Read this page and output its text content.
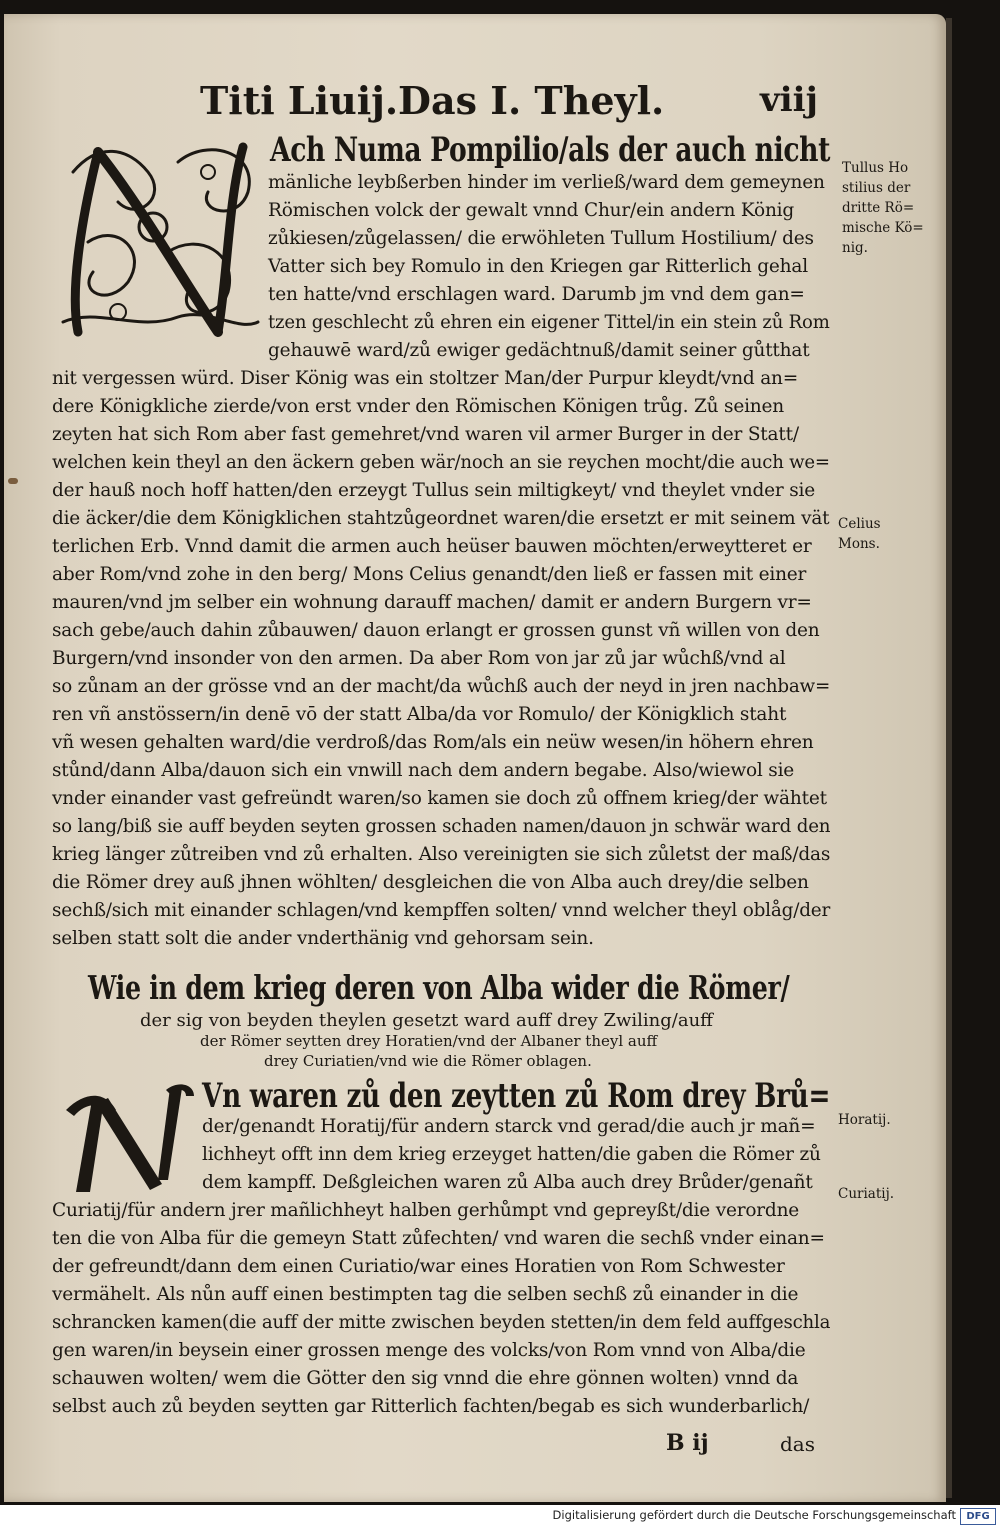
Titi Liuij. Das I. Theyl.	viij
Ach Numa Pompilio/als der auch nicht
mänliche leybßerben hinder im verließ/ward dem gemeynen
Römischen volck der gewalt vnnd Chur/ein andern König
zůkiesen/zůgelassen/ die erwöhleten Tullum Hostilium/ des
Vatter sich bey Romulo in den Kriegen gar Ritterlich gehal
ten hatte/vnd erschlagen ward. Darumb jm vnd dem gan=
tzen geschlecht zů ehren ein eigener Tittel/in ein stein zů Rom
gehauwē ward/zů ewiger gedächtnuß/damit seiner gůtthat
nit vergessen würd. Diser König was ein stoltzer Man/der Purpur kleydt/vnd an=
dere Königkliche zierde/von erst vnder den Römischen Königen trůg. Zů seinen
zeyten hat sich Rom aber fast gemehret/vnd waren vil armer Burger in der Statt/
welchen kein theyl an den äckern geben wär/noch an sie reychen mocht/die auch we=
der hauß noch hoff hatten/den erzeygt Tullus sein miltigkeyt/ vnd theylet vnder sie
die äcker/die dem Königklichen stahtzůgeordnet waren/die ersetzt er mit seinem vät
terlichen Erb. Vnnd damit die armen auch heüser bauwen möchten/erweytteret er
aber Rom/vnd zohe in den berg/ Mons Celius genandt/den ließ er fassen mit einer
mauren/vnd jm selber ein wohnung darauff machen/ damit er andern Burgern vr=
sach gebe/auch dahin zůbauwen/ dauon erlangt er grossen gunst vñ willen von den
Burgern/vnd insonder von den armen. Da aber Rom von jar zů jar wůchß/vnd al
so zůnam an der grösse vnd an der macht/da wůchß auch der neyd in jren nachbaw=
ren vñ anstössern/in denē vō der statt Alba/da vor Romulo/ der Königklich staht
vñ wesen gehalten ward/die verdroß/das Rom/als ein neüw wesen/in höhern ehren
stůnd/dann Alba/dauon sich ein vnwill nach dem andern begabe. Also/wiewol sie
vnder einander vast gefreündt waren/so kamen sie doch zů offnem krieg/der wähtet
so lang/biß sie auff beyden seyten grossen schaden namen/dauon jn schwär ward den
krieg länger zůtreiben vnd zů erhalten. Also vereinigten sie sich zůletst der maß/das
die Römer drey auß jhnen wöhlten/ desgleichen die von Alba auch drey/die selben
sechß/sich mit einander schlagen/vnd kempffen solten/ vnnd welcher theyl oblåg/der
selben statt solt die ander vnderthänig vnd gehorsam sein.
Tullus Ho
stilius der
dritte Rö=
mische Kö=
nig.
Celius
Mons.
Horatij.
Curiatij.
Wie in dem krieg deren von Alba wider die Römer/
der sig von beyden theylen gesetzt ward auff drey Zwiling/auff
der Römer seytten drey Horatien/vnd der Albaner theyl auff
drey Curiatien/vnd wie die Römer oblagen.
Vn waren zů den zeytten zů Rom drey Brů=
der/genandt Horatij/für andern starck vnd gerad/die auch jr mañ=
lichheyt offt inn dem krieg erzeyget hatten/die gaben die Römer zů
dem kampff. Deßgleichen waren zů Alba auch drey Brůder/genañt
Curiatij/für andern jrer mañlichheyt halben gerhůmpt vnd gepreyßt/die verordne
ten die von Alba für die gemeyn Statt zůfechten/ vnd waren die sechß vnder einan=
der gefreundt/dann dem einen Curiatio/war eines Horatien von Rom Schwester
vermähelt. Als nůn auff einen bestimpten tag die selben sechß zů einander in die
schrancken kamen(die auff der mitte zwischen beyden stetten/in dem feld auffgeschla
gen waren/in beysein einer grossen menge des volcks/von Rom vnnd von Alba/die
schauwen wolten/ wem die Götter den sig vnnd die ehre gönnen wolten) vnnd da
selbst auch zů beyden seytten gar Ritterlich fachten/begab es sich wunderbarlich/
B ij	das
Digitalisierung gefördert durch die Deutsche Forschungsgemeinschaft	DFG
